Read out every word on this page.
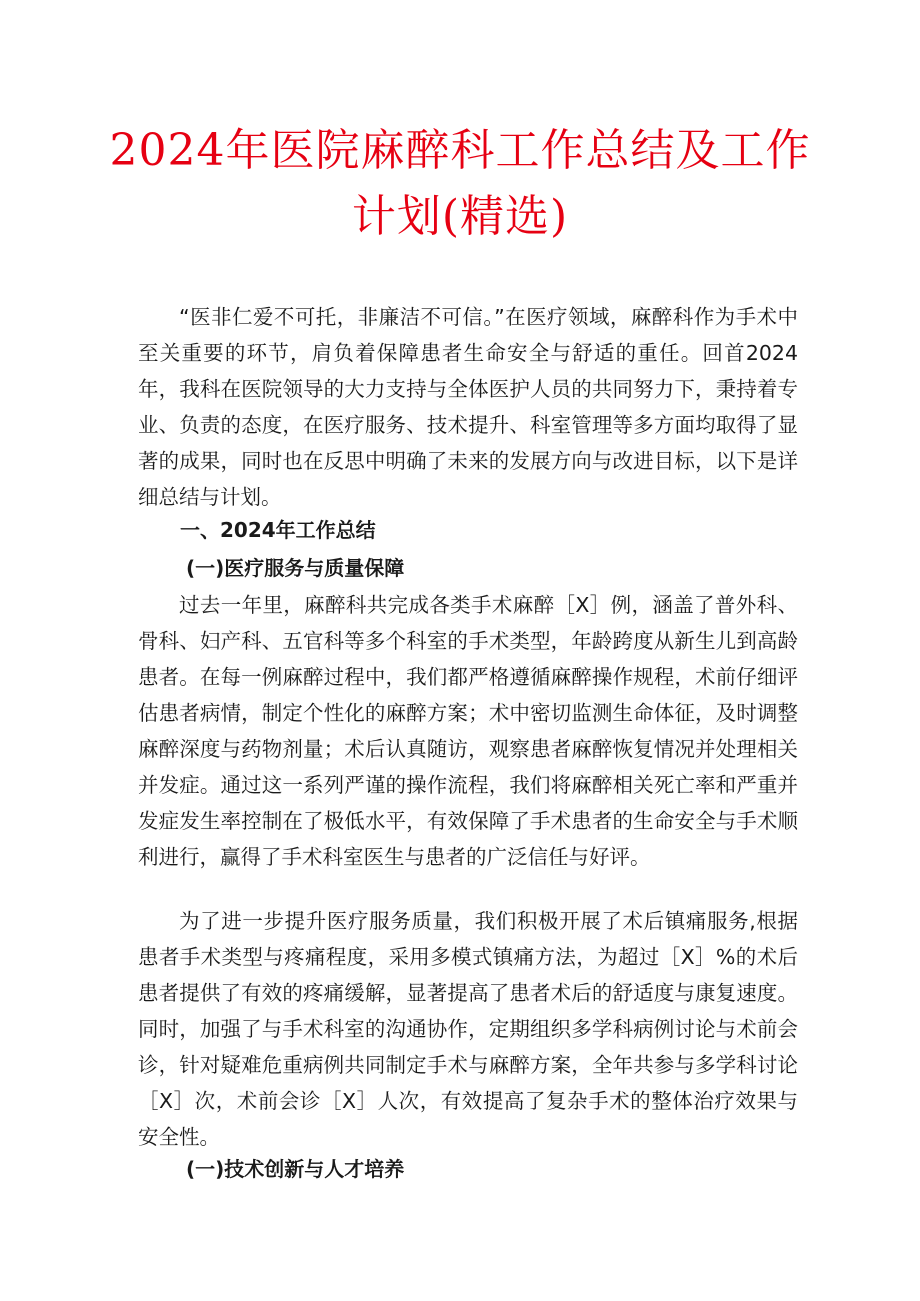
2024年医院麻醉科工作总结及工作计划(精选)

“医非仁爱不可托，非廉洁不可信。”在医疗领域，麻醉科作为手术中至关重要的环节，肩负着保障患者生命安全与舒适的重任。回首2024年，我科在医院领导的大力支持与全体医护人员的共同努力下，秉持着专业、负责的态度，在医疗服务、技术提升、科室管理等多方面均取得了显著的成果，同时也在反思中明确了未来的发展方向与改进目标，以下是详细总结与计划。

一、2024年工作总结

(一)医疗服务与质量保障

过去一年里，麻醉科共完成各类手术麻醉［X］例，涵盖了普外科、骨科、妇产科、五官科等多个科室的手术类型，年龄跨度从新生儿到高龄患者。在每一例麻醉过程中，我们都严格遵循麻醉操作规程，术前仔细评估患者病情，制定个性化的麻醉方案；术中密切监测生命体征，及时调整麻醉深度与药物剂量；术后认真随访，观察患者麻醉恢复情况并处理相关并发症。通过这一系列严谨的操作流程，我们将麻醉相关死亡率和严重并发症发生率控制在了极低水平，有效保障了手术患者的生命安全与手术顺利进行，赢得了手术科室医生与患者的广泛信任与好评。

为了进一步提升医疗服务质量，我们积极开展了术后镇痛服务,根据患者手术类型与疼痛程度，采用多模式镇痛方法，为超过［X］%的术后患者提供了有效的疼痛缓解，显著提高了患者术后的舒适度与康复速度。同时，加强了与手术科室的沟通协作，定期组织多学科病例讨论与术前会诊，针对疑难危重病例共同制定手术与麻醉方案，全年共参与多学科讨论［X］次，术前会诊［X］人次，有效提高了复杂手术的整体治疗效果与安全性。

(一)技术创新与人才培养
